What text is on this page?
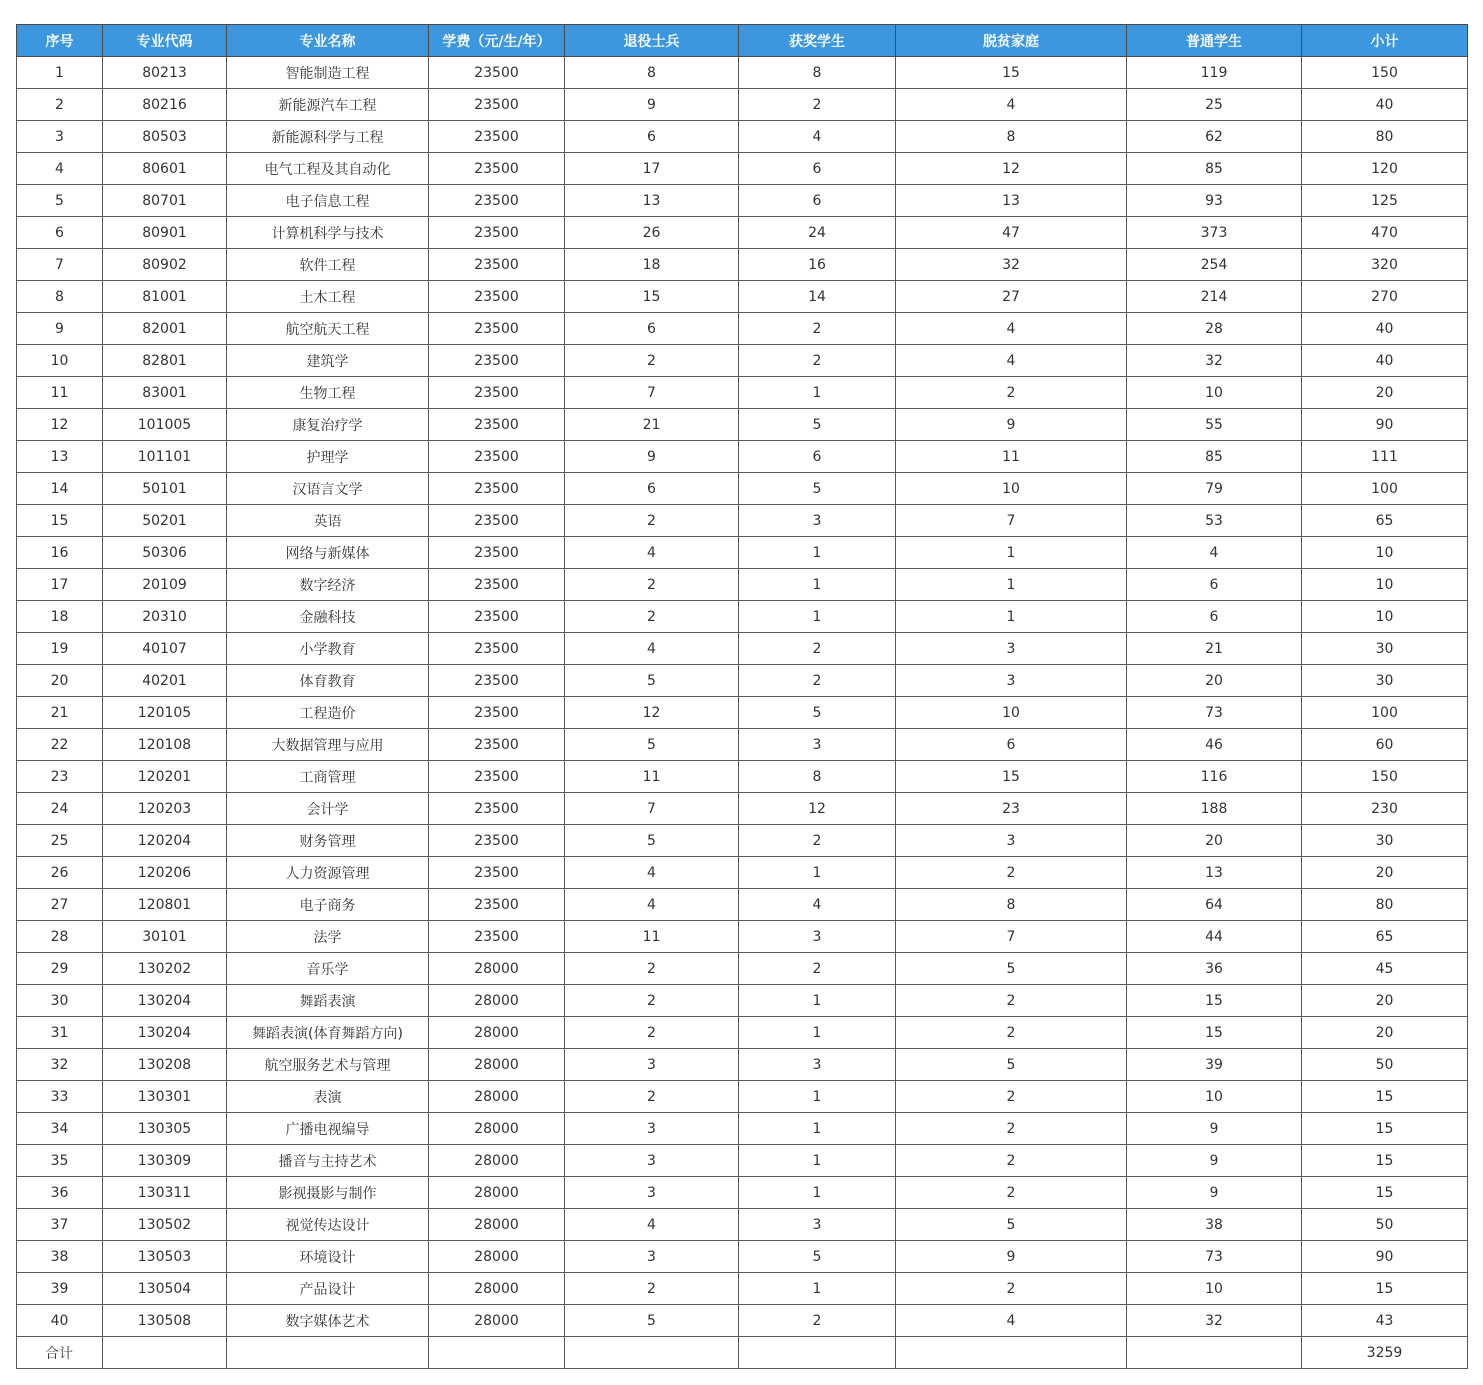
序号	专业代码	专业名称	学费（元/生/年）	退役士兵	获奖学生	脱贫家庭	普通学生	小计
1	80213	智能制造工程	23500	8	8	15	119	150
2	80216	新能源汽车工程	23500	9	2	4	25	40
3	80503	新能源科学与工程	23500	6	4	8	62	80
4	80601	电气工程及其自动化	23500	17	6	12	85	120
5	80701	电子信息工程	23500	13	6	13	93	125
6	80901	计算机科学与技术	23500	26	24	47	373	470
7	80902	软件工程	23500	18	16	32	254	320
8	81001	土木工程	23500	15	14	27	214	270
9	82001	航空航天工程	23500	6	2	4	28	40
10	82801	建筑学	23500	2	2	4	32	40
11	83001	生物工程	23500	7	1	2	10	20
12	101005	康复治疗学	23500	21	5	9	55	90
13	101101	护理学	23500	9	6	11	85	111
14	50101	汉语言文学	23500	6	5	10	79	100
15	50201	英语	23500	2	3	7	53	65
16	50306	网络与新媒体	23500	4	1	1	4	10
17	20109	数字经济	23500	2	1	1	6	10
18	20310	金融科技	23500	2	1	1	6	10
19	40107	小学教育	23500	4	2	3	21	30
20	40201	体育教育	23500	5	2	3	20	30
21	120105	工程造价	23500	12	5	10	73	100
22	120108	大数据管理与应用	23500	5	3	6	46	60
23	120201	工商管理	23500	11	8	15	116	150
24	120203	会计学	23500	7	12	23	188	230
25	120204	财务管理	23500	5	2	3	20	30
26	120206	人力资源管理	23500	4	1	2	13	20
27	120801	电子商务	23500	4	4	8	64	80
28	30101	法学	23500	11	3	7	44	65
29	130202	音乐学	28000	2	2	5	36	45
30	130204	舞蹈表演	28000	2	1	2	15	20
31	130204	舞蹈表演(体育舞蹈方向)	28000	2	1	2	15	20
32	130208	航空服务艺术与管理	28000	3	3	5	39	50
33	130301	表演	28000	2	1	2	10	15
34	130305	广播电视编导	28000	3	1	2	9	15
35	130309	播音与主持艺术	28000	3	1	2	9	15
36	130311	影视摄影与制作	28000	3	1	2	9	15
37	130502	视觉传达设计	28000	4	3	5	38	50
38	130503	环境设计	28000	3	5	9	73	90
39	130504	产品设计	28000	2	1	2	10	15
40	130508	数字媒体艺术	28000	5	2	4	32	43
合计								3259
